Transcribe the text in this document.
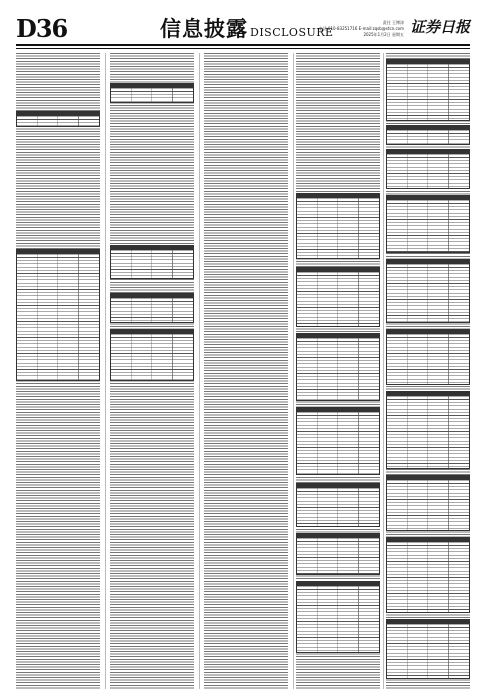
D36	信息披露 DISCLOSURE
责任 王博涛
电话 010-83251716 E-mail:zqsb@stcn.com
2025年1月2日 星期五 证券日报
